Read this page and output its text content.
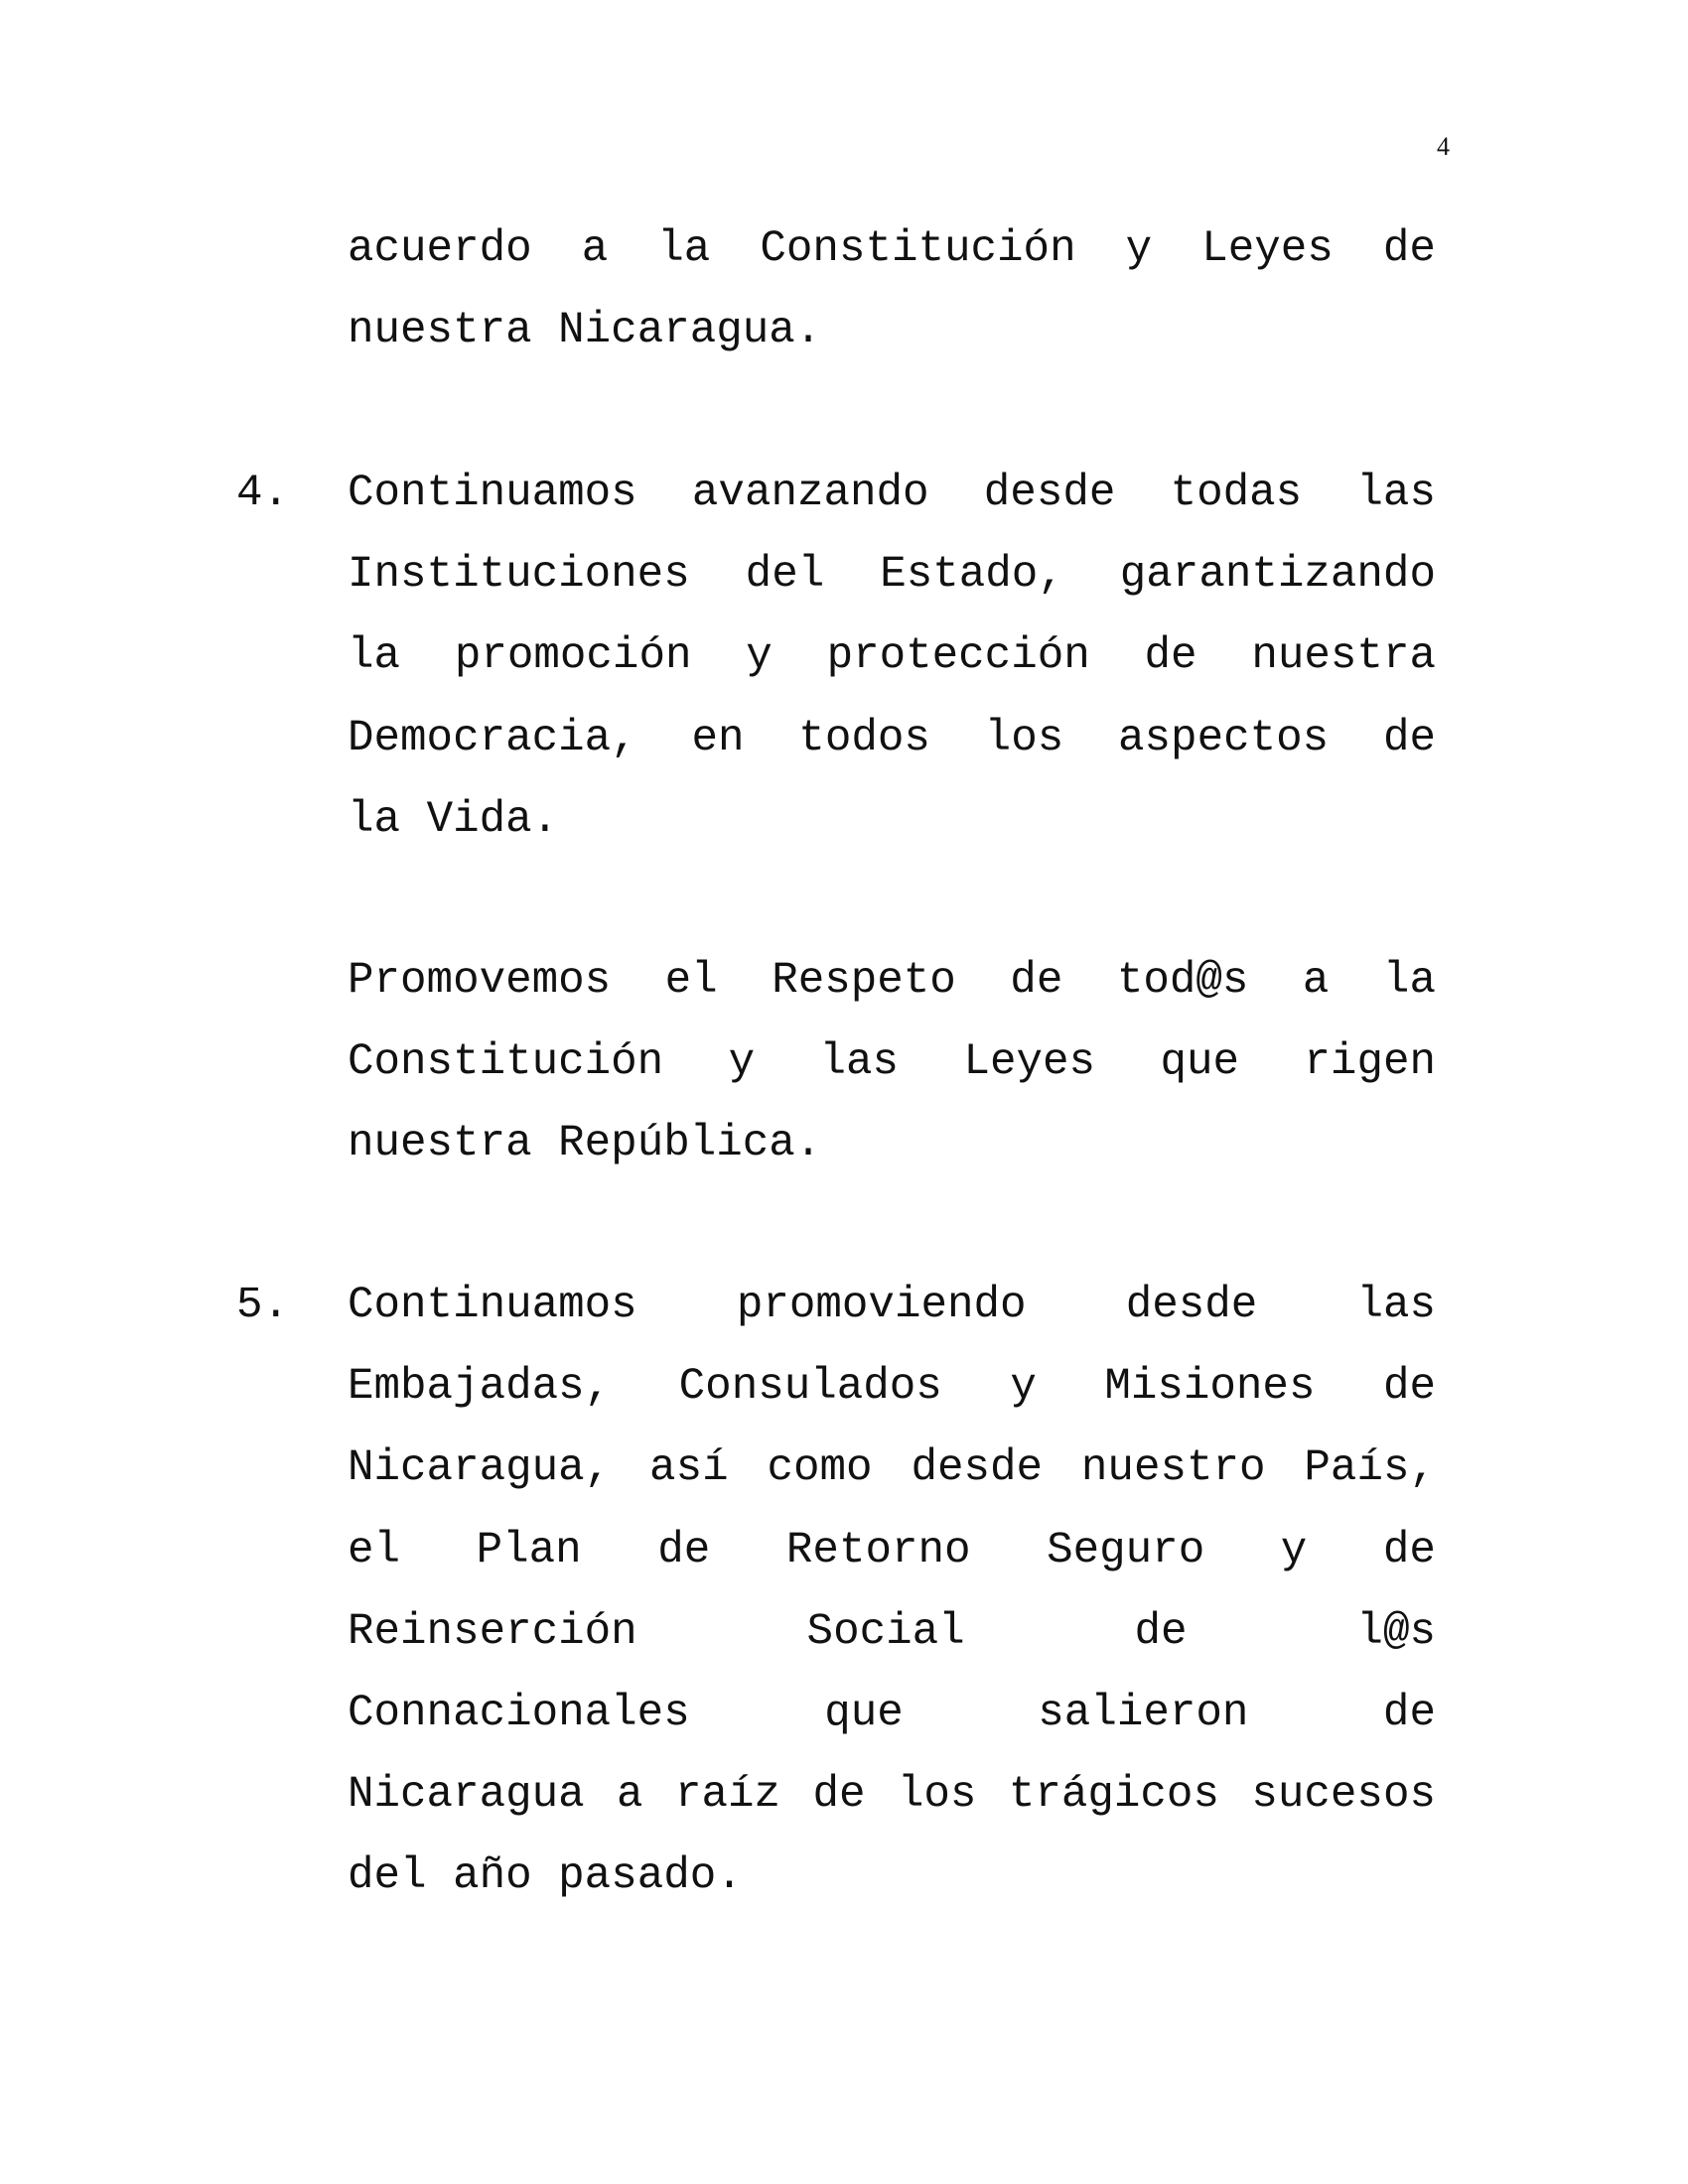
4
acuerdo a la Constitución y Leyes de
nuestra Nicaragua.
4. Continuamos avanzando desde todas las
Instituciones del Estado, garantizando
la promoción y protección de nuestra
Democracia, en todos los aspectos de
la Vida.
Promovemos el Respeto de tod@s a la
Constitución y las Leyes que rigen
nuestra República.
5. Continuamos promoviendo desde las
Embajadas, Consulados y Misiones de
Nicaragua, así como desde nuestro País,
el Plan de Retorno Seguro y de
Reinserción	Social	de	l@s
Connacionales	que	salieron	de
Nicaragua a raíz de los trágicos sucesos
del año pasado.
